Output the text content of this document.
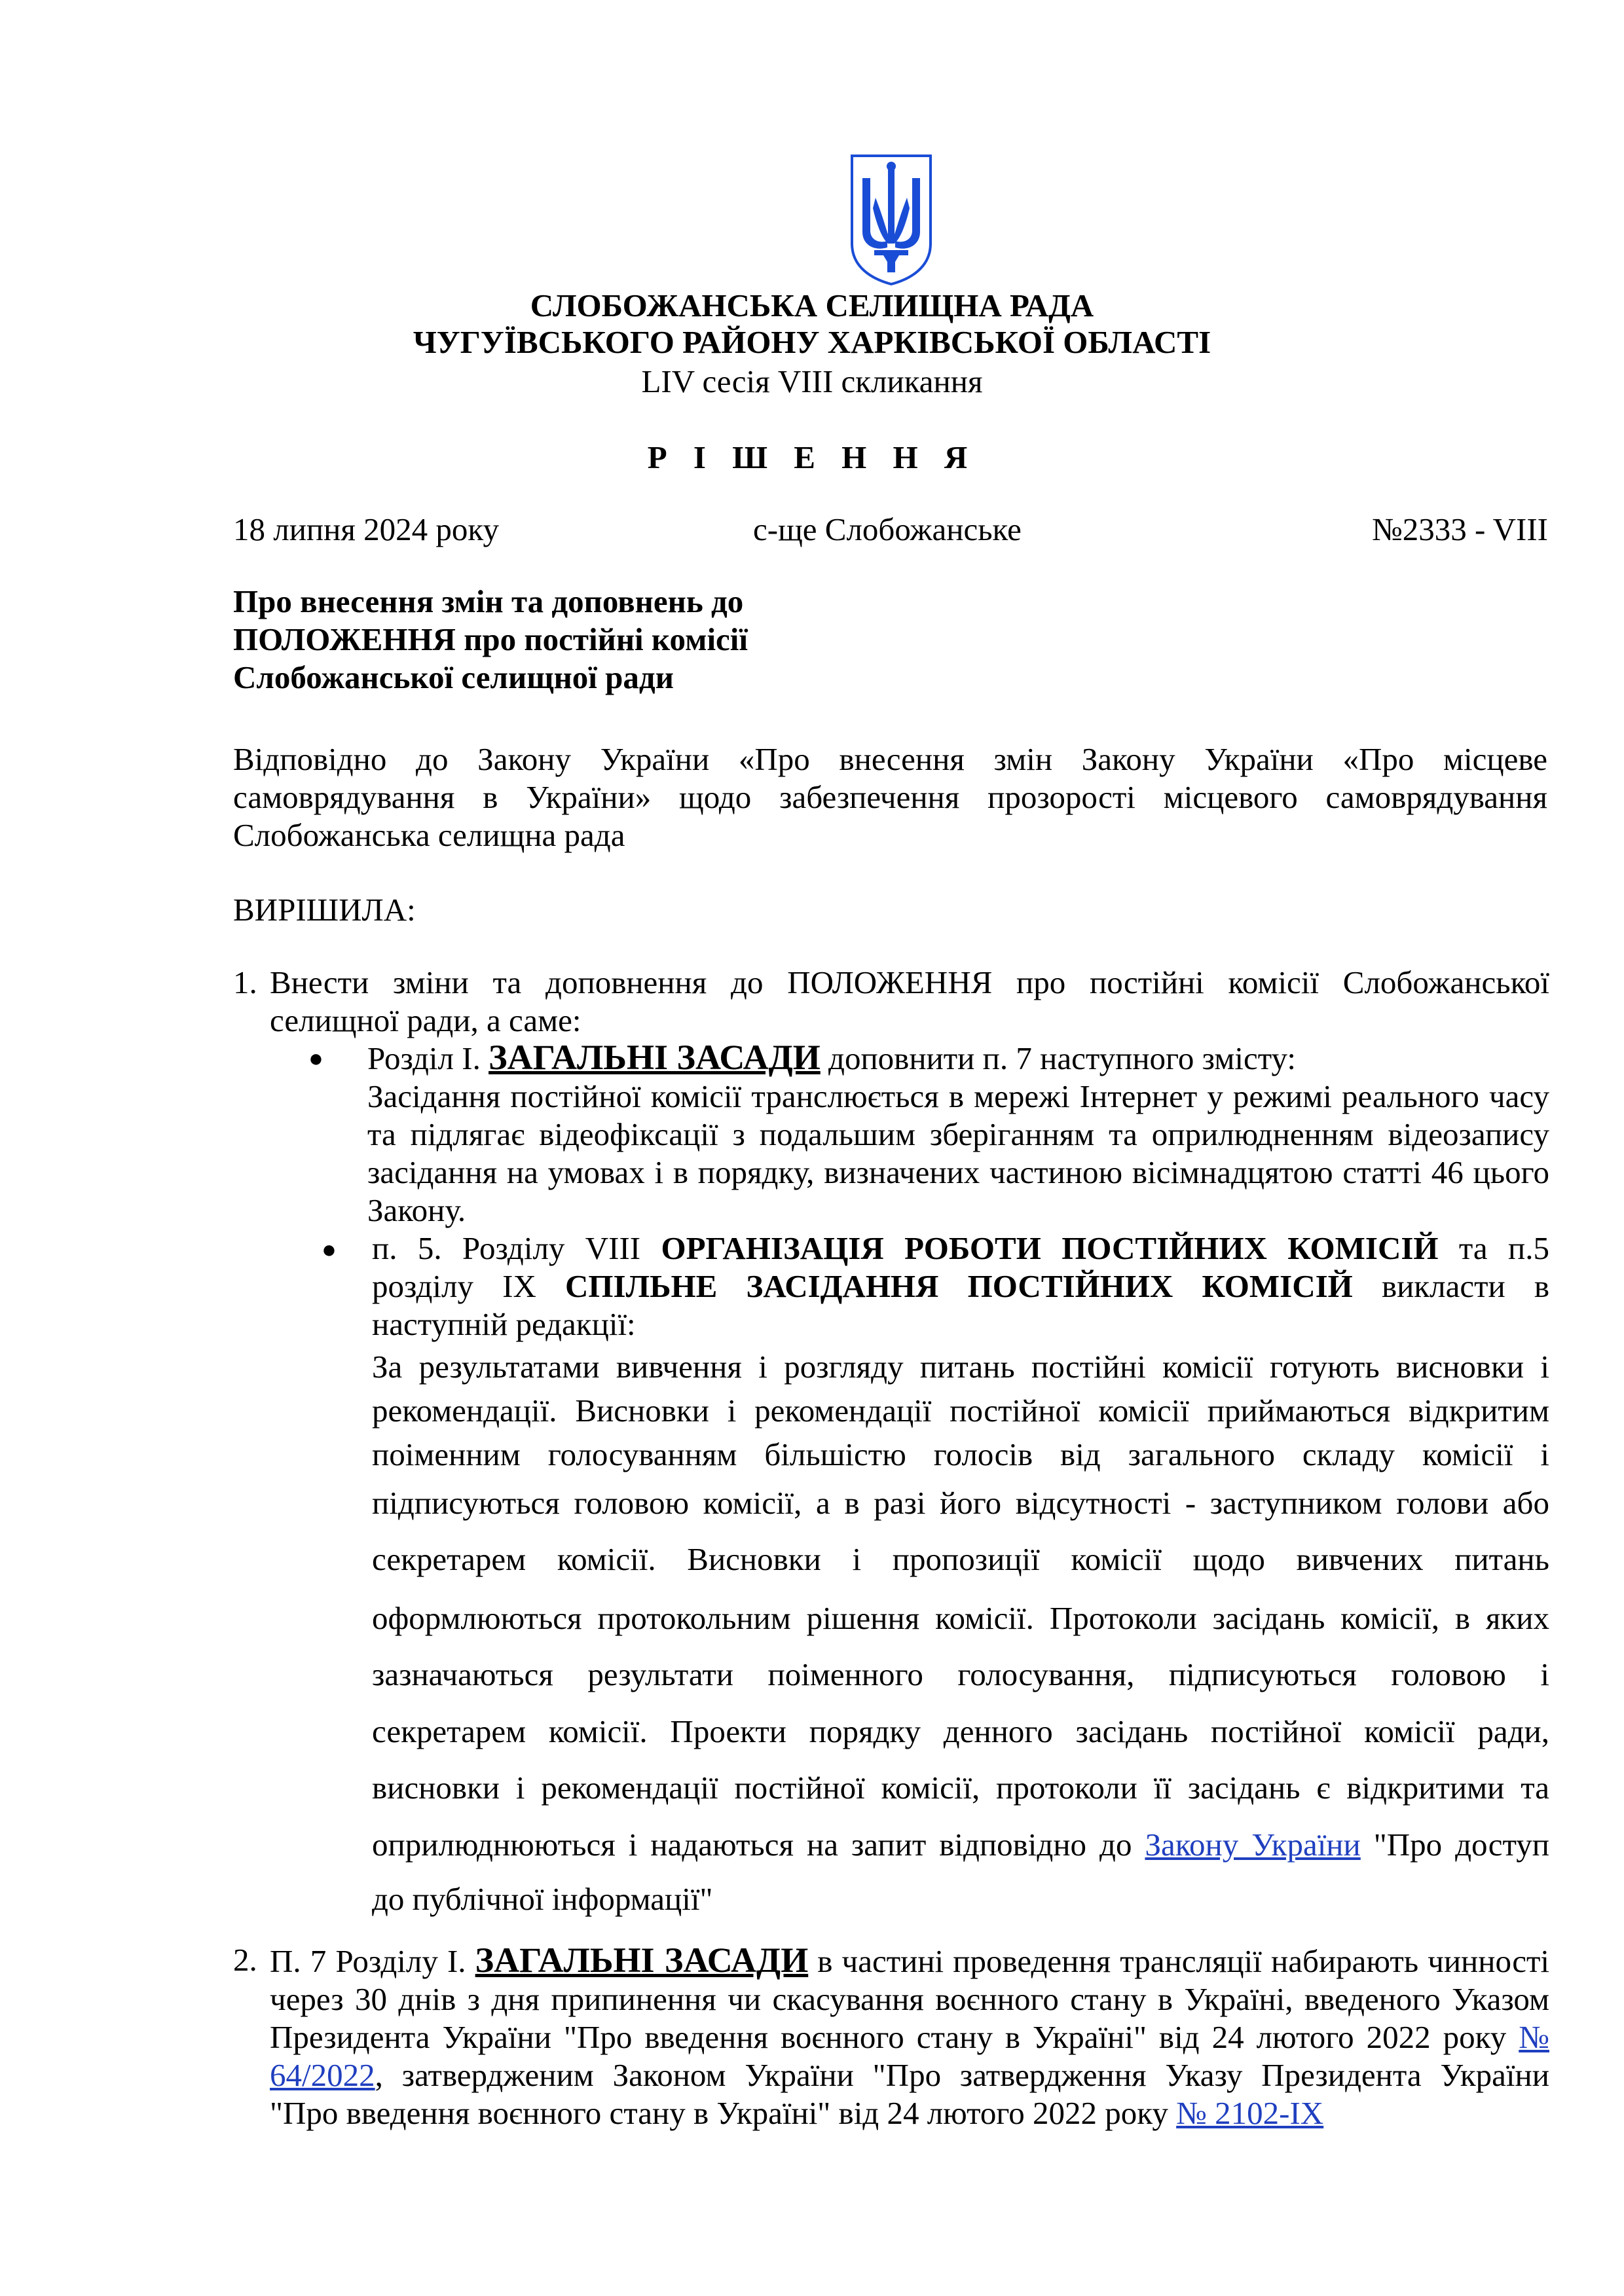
СЛОБОЖАНСЬКА СЕЛИЩНА РАДА
ЧУГУЇВСЬКОГО РАЙОНУ ХАРКІВСЬКОЇ ОБЛАСТІ
LIV сесія VIII скликання
Р І Ш Е Н Н Я
18 липня 2024 року	с-ще Слобожанське	№2333 - VIII
Про внесення змін та доповнень до
ПОЛОЖЕННЯ про постійні комісії
Слобожанської селищної ради
Відповідно до Закону України «Про внесення змін Закону України «Про місцеве
самоврядування в України» щодо забезпечення прозорості місцевого самоврядування
Слобожанська селищна рада
ВИРІШИЛА:
1. Внести зміни та доповнення до ПОЛОЖЕННЯ про постійні комісії Слобожанської
селищної ради, а саме:
● Розділ І. ЗАГАЛЬНІ ЗАСАДИ доповнити п. 7 наступного змісту:
Засідання постійної комісії транслюється в мережі Інтернет у режимі реального часу
та підлягає відеофіксації з подальшим зберіганням та оприлюдненням відеозапису
засідання на умовах і в порядку, визначених частиною вісімнадцятою статті 46 цього
Закону.
● п. 5. Розділу VIII ОРГАНІЗАЦІЯ РОБОТИ ПОСТІЙНИХ КОМІСІЙ та п.5
розділу IX СПІЛЬНЕ ЗАСІДАННЯ ПОСТІЙНИХ КОМІСІЙ викласти в
наступній редакції:
За результатами вивчення і розгляду питань постійні комісії готують висновки і
рекомендації. Висновки і рекомендації постійної комісії приймаються відкритим
поіменним голосуванням більшістю голосів від загального складу комісії і
підписуються головою комісії, а в разі його відсутності - заступником голови або
секретарем комісії. Висновки і пропозиції комісії щодо вивчених питань
оформлюються протокольним рішення комісії. Протоколи засідань комісії, в яких
зазначаються результати поіменного голосування, підписуються головою і
секретарем комісії. Проекти порядку денного засідань постійної комісії ради,
висновки і рекомендації постійної комісії, протоколи її засідань є відкритими та
оприлюднюються і надаються на запит відповідно до Закону України "Про доступ
до публічної інформації"
2. П. 7 Розділу І. ЗАГАЛЬНІ ЗАСАДИ в частині проведення трансляції набирають чинності
через 30 днів з дня припинення чи скасування воєнного стану в Україні, введеного Указом
Президента України "Про введення воєнного стану в Україні" від 24 лютого 2022 року №
64/2022, затвердженим Законом України "Про затвердження Указу Президента України
"Про введення воєнного стану в Україні" від 24 лютого 2022 року № 2102-IX
